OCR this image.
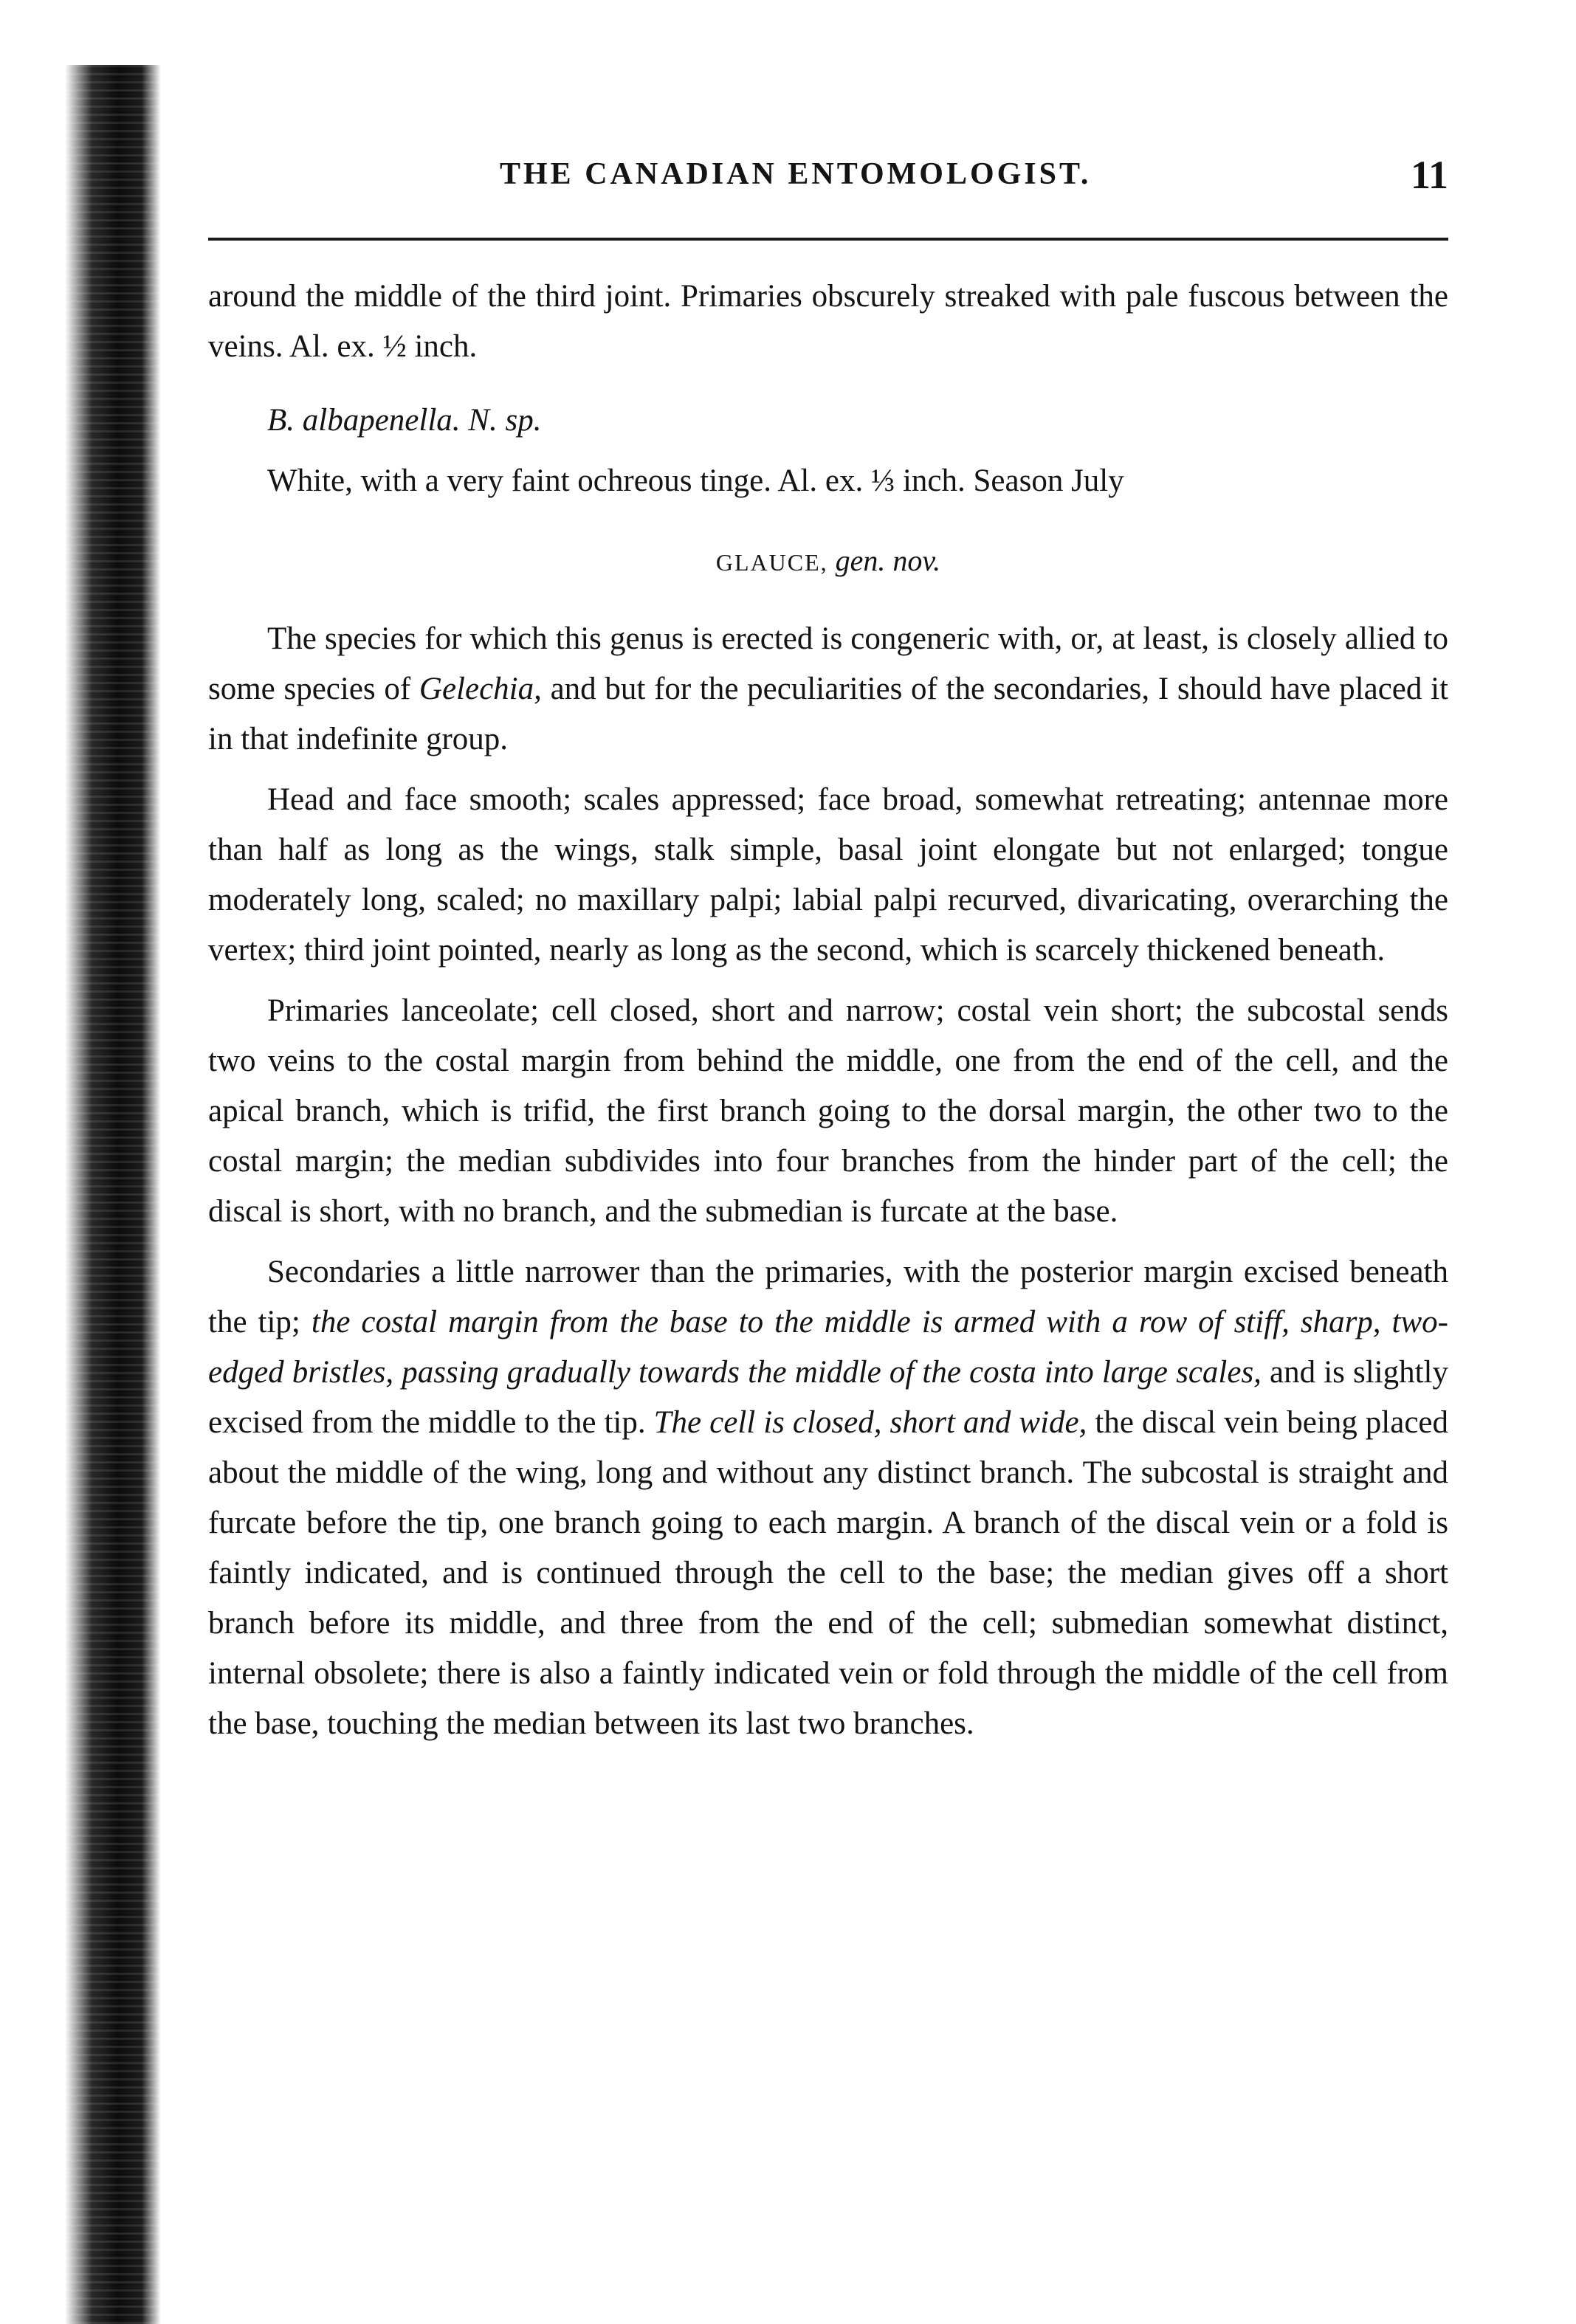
THE CANADIAN ENTOMOLOGIST.	11

around the middle of the third joint. Primaries obscurely streaked with pale fuscous between the veins. Al. ex. ½ inch.

B. albapenella. N. sp.

White, with a very faint ochreous tinge. Al. ex. ⅓ inch. Season July

GLAUCE, gen. nov.

The species for which this genus is erected is congeneric with, or, at least, is closely allied to some species of Gelechia, and but for the peculiarities of the secondaries, I should have placed it in that indefinite group.

Head and face smooth; scales appressed; face broad, somewhat retreating; antennae more than half as long as the wings, stalk simple, basal joint elongate but not enlarged; tongue moderately long, scaled; no maxillary palpi; labial palpi recurved, divaricating, overarching the vertex; third joint pointed, nearly as long as the second, which is scarcely thickened beneath.

Primaries lanceolate; cell closed, short and narrow; costal vein short; the subcostal sends two veins to the costal margin from behind the middle, one from the end of the cell, and the apical branch, which is trifid, the first branch going to the dorsal margin, the other two to the costal margin; the median subdivides into four branches from the hinder part of the cell; the discal is short, with no branch, and the submedian is furcate at the base.

Secondaries a little narrower than the primaries, with the posterior margin excised beneath the tip; the costal margin from the base to the middle is armed with a row of stiff, sharp, two-edged bristles, passing gradually towards the middle of the costa into large scales, and is slightly excised from the middle to the tip. The cell is closed, short and wide, the discal vein being placed about the middle of the wing, long and without any distinct branch. The subcostal is straight and furcate before the tip, one branch going to each margin. A branch of the discal vein or a fold is faintly indicated, and is continued through the cell to the base; the median gives off a short branch before its middle, and three from the end of the cell; submedian somewhat distinct, internal obsolete; there is also a faintly indicated vein or fold through the middle of the cell from the base, touching the median between its last two branches.
